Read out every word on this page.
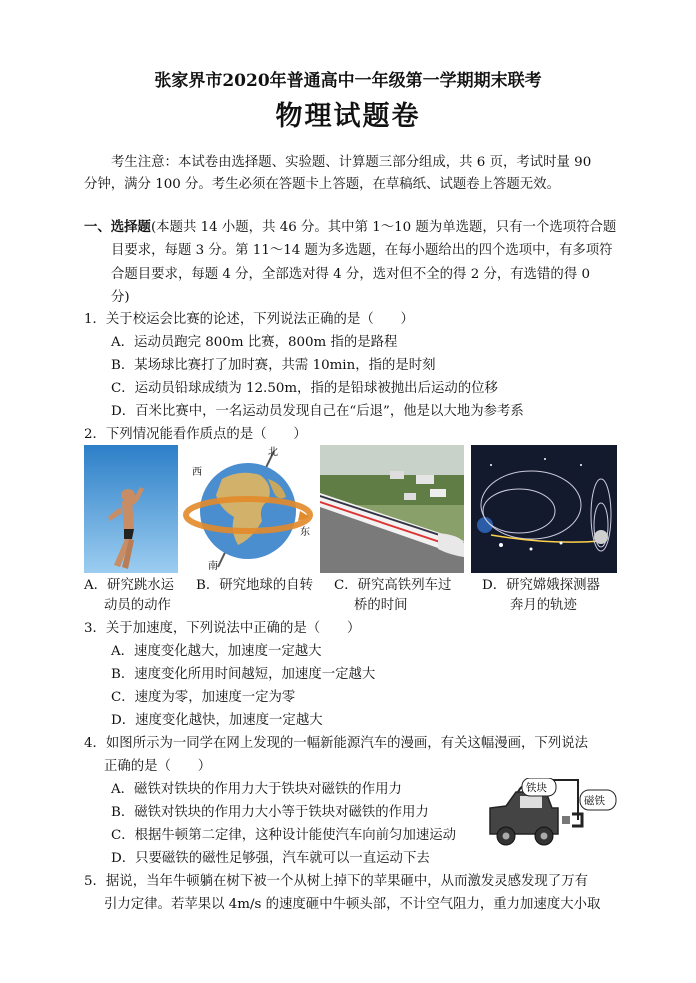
张家界市2020年普通高中一年级第一学期期末联考
物理试题卷
考生注意：本试卷由选择题、实验题、计算题三部分组成，共 6 页，考试时量 90
分钟，满分 100 分。考生必须在答题卡上答题，在草稿纸、试题卷上答题无效。
一、选择题(本题共 14 小题，共 46 分。其中第 1～10 题为单选题，只有一个选项符合题
目要求，每题 3 分。第 11～14 题为多选题，在每小题给出的四个选项中，有多项符
合题目要求，每题 4 分，全部选对得 4 分，选对但不全的得 2 分，有选错的得 0
分)
1．关于校运会比赛的论述，下列说法正确的是（　　）
A．运动员跑完 800m 比赛，800m 指的是路程
B．某场球比赛打了加时赛，共需 10min，指的是时刻
C．运动员铅球成绩为 12.50m，指的是铅球被抛出后运动的位移
D．百米比赛中，一名运动员发现自己在“后退”，他是以大地为参考系
2．下列情况能看作质点的是（　　）
北
西
东
南
A．研究跳水运
动员的动作
B．研究地球的自转 C．研究高铁列车过
桥的时间
D．研究嫦娥探测器
奔月的轨迹
3．关于加速度，下列说法中正确的是（　　）
A．速度变化越大，加速度一定越大
B．速度变化所用时间越短，加速度一定越大
C．速度为零，加速度一定为零
D．速度变化越快，加速度一定越大
4．如图所示为一同学在网上发现的一幅新能源汽车的漫画，有关这幅漫画，下列说法
正确的是（　　）
A．磁铁对铁块的作用力大于铁块对磁铁的作用力
B．磁铁对铁块的作用力大小等于铁块对磁铁的作用力
C．根据牛顿第二定律，这种设计能使汽车向前匀加速运动
D．只要磁铁的磁性足够强，汽车就可以一直运动下去
铁块
磁铁
5．据说，当年牛顿躺在树下被一个从树上掉下的苹果砸中，从而激发灵感发现了万有
引力定律。若苹果以 4m/s 的速度砸中牛顿头部，不计空气阻力，重力加速度大小取
